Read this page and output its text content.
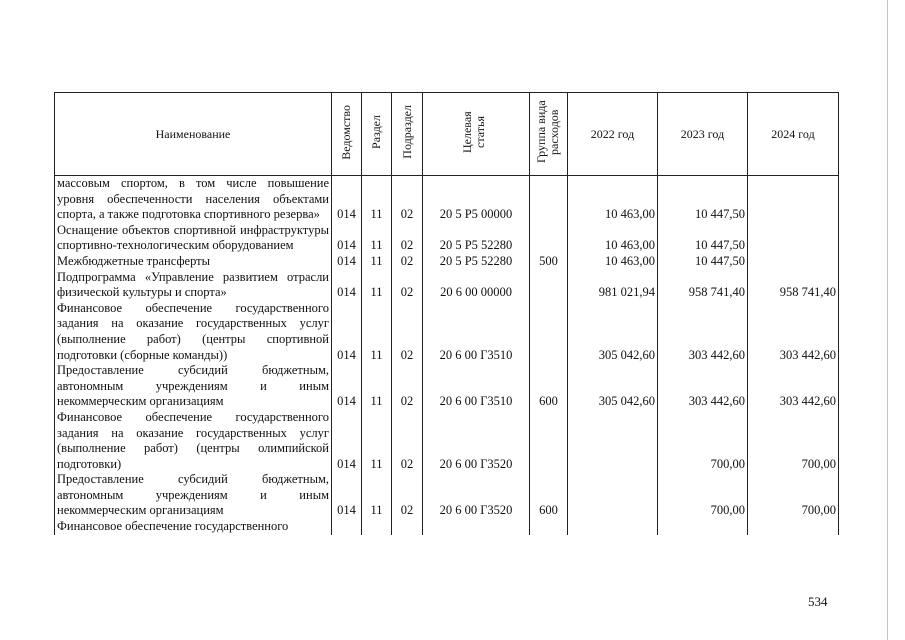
Наименование	Ведомство	Раздел	Подраздел	Целевая статья	Группа вида расходов	2022 год	2023 год	2024 год
массовым спортом, в том числе повышение уровня обеспеченности населения объектами спорта, а также подготовка спортивного резерва»	014	11	02	20 5 P5 00000		10 463,00	10 447,50	
Оснащение объектов спортивной инфраструктуры спортивно-технологическим оборудованием	014	11	02	20 5 P5 52280		10 463,00	10 447,50	
Межбюджетные трансферты	014	11	02	20 5 P5 52280	500	10 463,00	10 447,50	
Подпрограмма «Управление развитием отрасли физической культуры и спорта»	014	11	02	20 6 00 00000		981 021,94	958 741,40	958 741,40
Финансовое обеспечение государственного задания на оказание государственных услуг (выполнение работ) (центры спортивной подготовки (сборные команды))	014	11	02	20 6 00 Г3510		305 042,60	303 442,60	303 442,60
Предоставление субсидий бюджетным, автономным учреждениям и иным некоммерческим организациям	014	11	02	20 6 00 Г3510	600	305 042,60	303 442,60	303 442,60
Финансовое обеспечение государственного задания на оказание государственных услуг (выполнение работ) (центры олимпийской подготовки)	014	11	02	20 6 00 Г3520			700,00	700,00
Предоставление субсидий бюджетным, автономным учреждениям и иным некоммерческим организациям	014	11	02	20 6 00 Г3520	600		700,00	700,00
Финансовое обеспечение государственного								
534
